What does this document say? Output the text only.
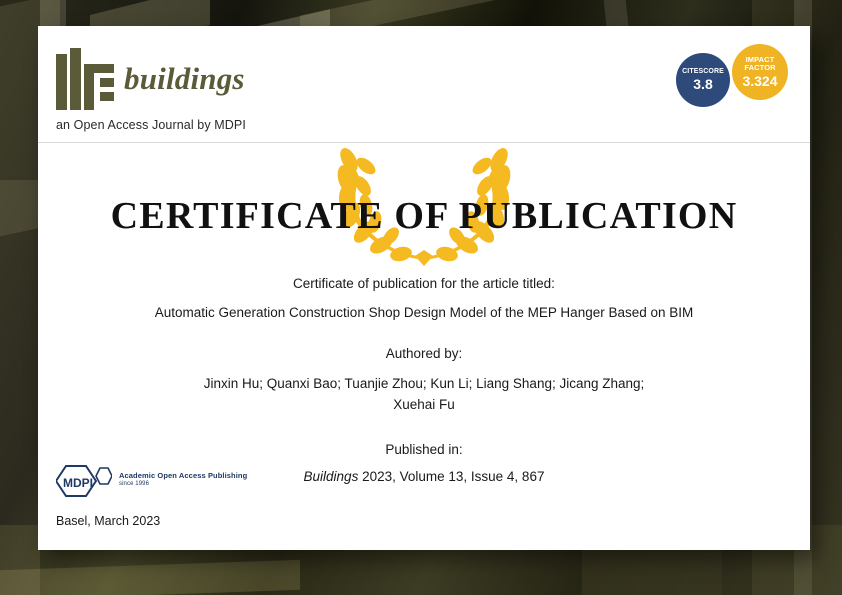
buildings
an Open Access Journal by MDPI
CITESCORE
3.8
IMPACT
FACTOR
3.324
CERTIFICATE OF PUBLICATION
Certificate of publication for the article titled:
Automatic Generation Construction Shop Design Model of the MEP Hanger Based on BIM
Authored by:
Jinxin Hu; Quanxi Bao; Tuanjie Zhou; Kun Li; Liang Shang; Jicang Zhang;
Xuehai Fu
Published in:
Buildings 2023, Volume 13, Issue 4, 867
MDPI
Academic Open Access Publishing
since 1996
Basel, March 2023
